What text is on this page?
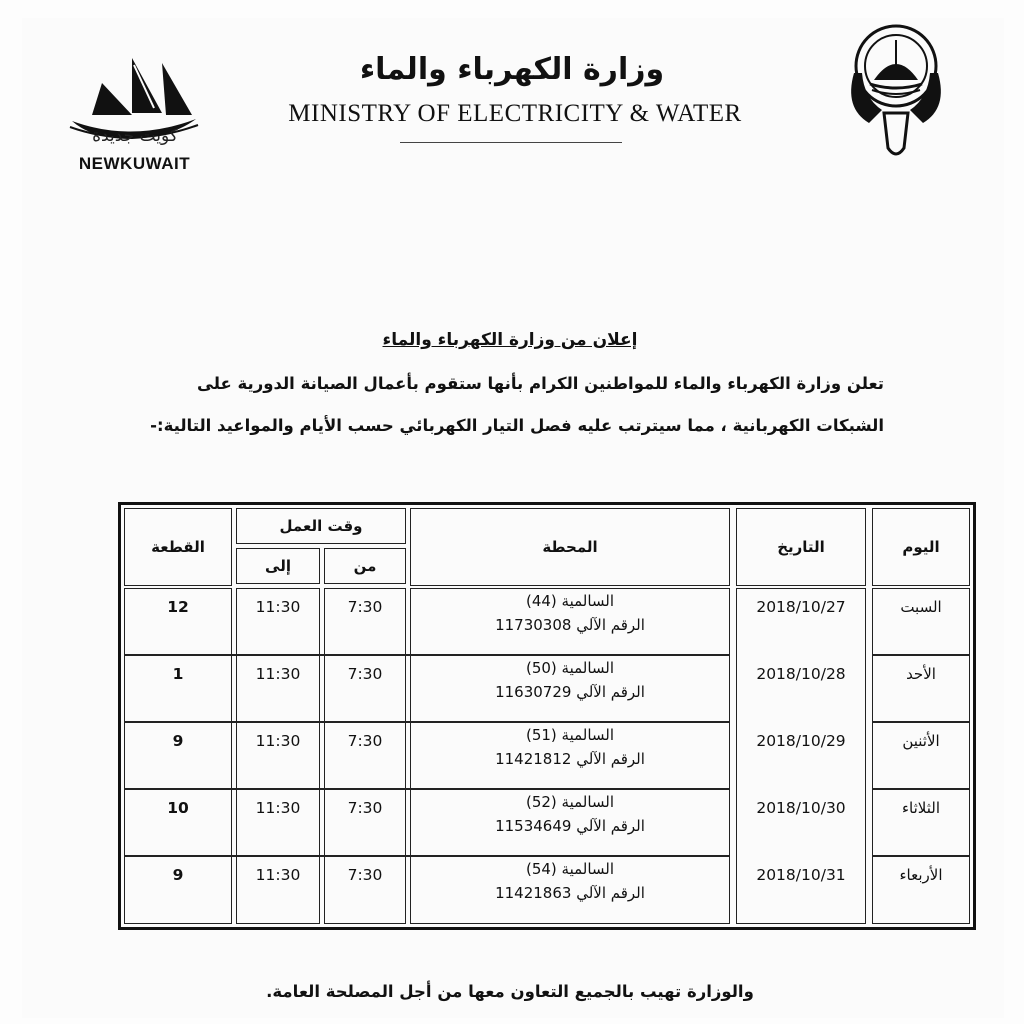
كويت جديدة
NEWKUWAIT
وزارة الكهرباء والماء
MINISTRY OF ELECTRICITY & WATER
إعلان من وزارة الكهرباء والماء
تعلن وزارة الكهرباء والماء للمواطنين الكرام بأنها ستقوم بأعمال الصيانة الدورية على
الشبكات الكهربانية ، مما سيترتب عليه فصل التيار الكهربائي حسب الأيام والمواعيد التالية:-
اليوم
التاريخ
المحطة
وقت العمل
من
إلى
القطعة
السبت
2018/10/27
السالمية (44)
الرقم الآلي 11730308
7:30
11:30
12
الأحد
2018/10/28
السالمية (50)
الرقم الآلي 11630729
7:30
11:30
1
الأثنين
2018/10/29
السالمية (51)
الرقم الآلي 11421812
7:30
11:30
9
الثلاثاء
2018/10/30
السالمية (52)
الرقم الآلي 11534649
7:30
11:30
10
الأربعاء
2018/10/31
السالمية (54)
الرقم الآلي 11421863
7:30
11:30
9
والوزارة تهيب بالجميع التعاون معها من أجل المصلحة العامة.
